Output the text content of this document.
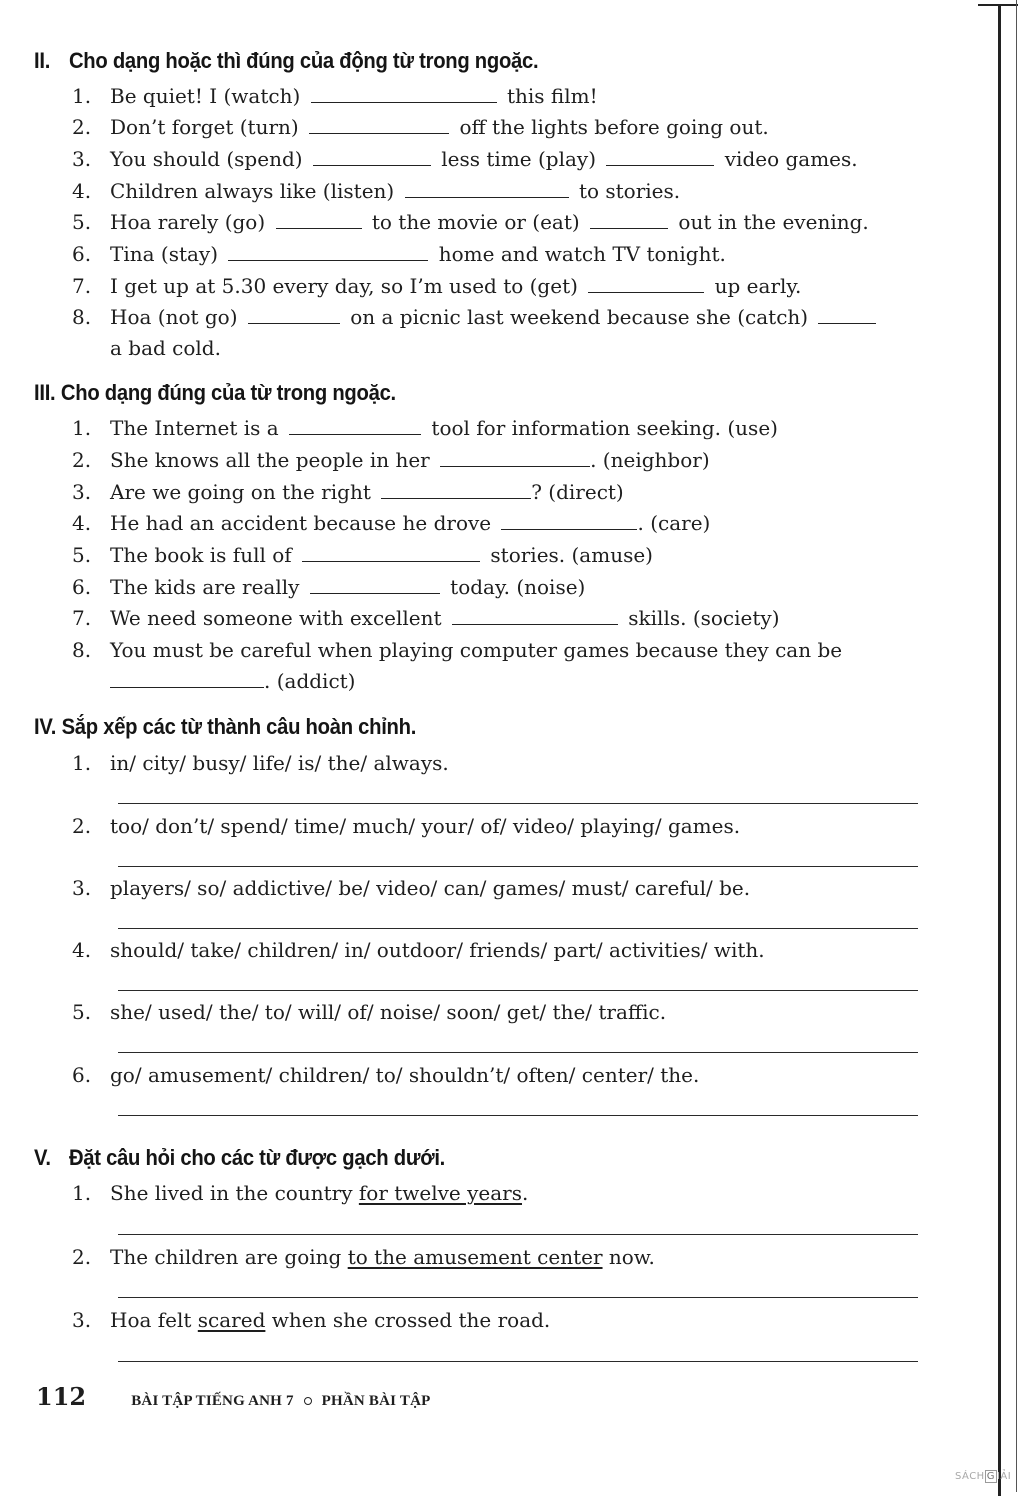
II. Cho dạng hoặc thì đúng của động từ trong ngoặc.
1. Be quiet! I (watch)	this film!
2. Don’t forget (turn)	off the lights before going out.
3. You should (spend)	less time (play)	video games.
4. Children always like (listen)	to stories.
5. Hoa rarely (go)	to the movie or (eat)	out in the evening.
6. Tina (stay)	home and watch TV tonight.
7. I get up at 5.30 every day, so I’m used to (get)	up early.
8. Hoa (not go)	on a picnic last weekend because she (catch)
a bad cold.
III. Cho dạng đúng của từ trong ngoặc.
1. The Internet is a	tool for information seeking. (use)
2. She knows all the people in her	. (neighbor)
3. Are we going on the right	? (direct)
4. He had an accident because he drove	. (care)
5. The book is full of	stories. (amuse)
6. The kids are really	today. (noise)
7. We need someone with excellent	skills. (society)
8. You must be careful when playing computer games because they can be
. (addict)
IV. Sắp xếp các từ thành câu hoàn chỉnh.
1. in/ city/ busy/ life/ is/ the/ always.
2. too/ don’t/ spend/ time/ much/ your/ of/ video/ playing/ games.
3. players/ so/ addictive/ be/ video/ can/ games/ must/ careful/ be.
4. should/ take/ children/ in/ outdoor/ friends/ part/ activities/ with.
5. she/ used/ the/ to/ will/ of/ noise/ soon/ get/ the/ traffic.
6. go/ amusement/ children/ to/ shouldn’t/ often/ center/ the.
V. Đặt câu hỏi cho các từ được gạch dưới.
1. She lived in the country for twelve years.
2. The children are going to the amusement center now.
3. Hoa felt scared when she crossed the road.
112	BÀI TẬP TIẾNG ANH 7 PHẦN BÀI TẬP
SÁCH G IẢI
